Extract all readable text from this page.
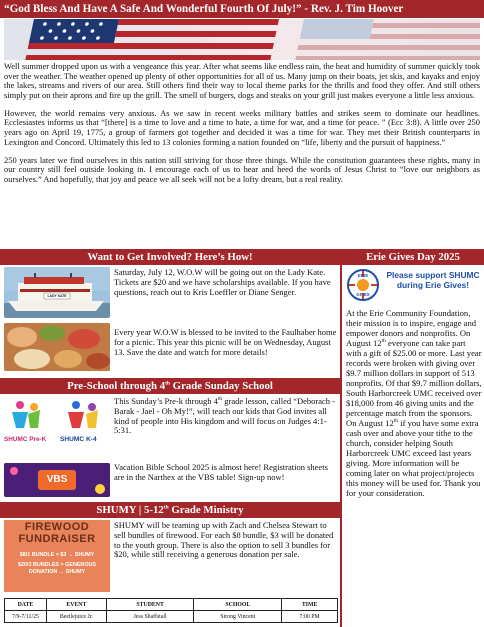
“God Bless And Have A Safe And Wonderful Fourth Of July!” - Rev. J. Tim Hoover

Well summer dropped upon us with a vengeance this year. After what seems like endless rain, the heat and humidity of summer quickly took over the weather. The weather opened up plenty of other opportunities for all of us. Many jump on their boats, jet skis, and kayaks and enjoy the lakes, streams and rivers of our area. Still others find their way to local theme parks for the thrills and food they offer. And still others simply put on their aprons and fire up the grill. The smell of burgers, dogs and steaks on your grill just makes everyone a little less anxious.

However, the world remains very anxious. As we saw in recent weeks military battles and strikes seem to dominate our headlines. Ecclesiastes informs us that “[there] is a time to love and a time to hate, a time for war, and a time for peace. ” (Ecc 3:8). A little over 250 years ago on April 19, 1775, a group of farmers got together and decided it was a time for war. They met their British counterparts in Lexington and Concord. Ultimately this led to 13 colonies forming a nation founded on “life, liberty and the pursuit of happiness.”

250 years later we find ourselves in this nation still striving for those three things. While the constitution guarantees these rights, many in our country still feel outside looking in. I encourage each of us to hear and heed the words of Jesus Christ to “love our neighbors as ourselves.” And hopefully, that joy and peace we all seek will not be a lofty dream, but a real reality.

Want to Get Involved? Here’s How!
LADY KATE
Saturday, July 12, W.O.W will be going out on the Lady Kate. Tickets are $20 and we have scholarships available. If you have questions, reach out to Kris Loeffler or Diane Senger.
Every year W.O.W is blessed to be invited to the Faulhaber home for a picnic. This year this picnic will be on Wednesday, August 13. Save the date and watch for more details!
Pre-School through 4th Grade Sunday School
SHUMC Pre-K	SHUMC K-4
This Sunday’s Pre-k through 4th grade lesson, called “Deborach - Barak - Jael - Oh My!”, will teach our kids that God invites all kind of people into His kingdom and will focus on Judges 4:1-5:31.
VBS
Vacation Bible School 2025 is almost here! Registration sheets are in the Narthex at the VBS table! Sign-up now!
SHUMY | 5-12th Grade Ministry
FIREWOOD
FUNDRAISER
$8/1 BUNDLE = $3 → SHUMY
$20/3 BUNDLES = GENEROUS DONATION → SHUMY
SHUMY will be teaming up with Zach and Chelsea Stewart to sell bundles of firewood. For each $8 bundle, $3 will be donated to the youth group. There is also the option to sell 3 bundles for $20, while still receiving a generous donation per sale.
DATE	EVENT	STUDENT	SCHOOL	TIME
7/9-7/11/25	Beetlejuice Jr.	Jess Shaffstall	Strong Vincent	7:00 PM
Erie Gives Day 2025
ERIE
GIVES
Please support SHUMC during Erie Gives!
At the Erie Community Foundation, their mission is to inspire, engage and empower donors and nonprofits. On August 12th everyone can take part with a gift of $25.00 or more. Last year records were broken with giving over $9.7 million dollars in support of 513 nonprofits. Of that $9.7 million dollars, South Harborcreek UMC received over $18,000 from 46 giving units and the percentage match from the sponsors. On August 12th if you have some extra cash over and above your tithe to the church, consider helping South Harborcreek UMC exceed last years giving. More information will be coming later on what project/projects this money will be used for. Thank you for your consideration.
